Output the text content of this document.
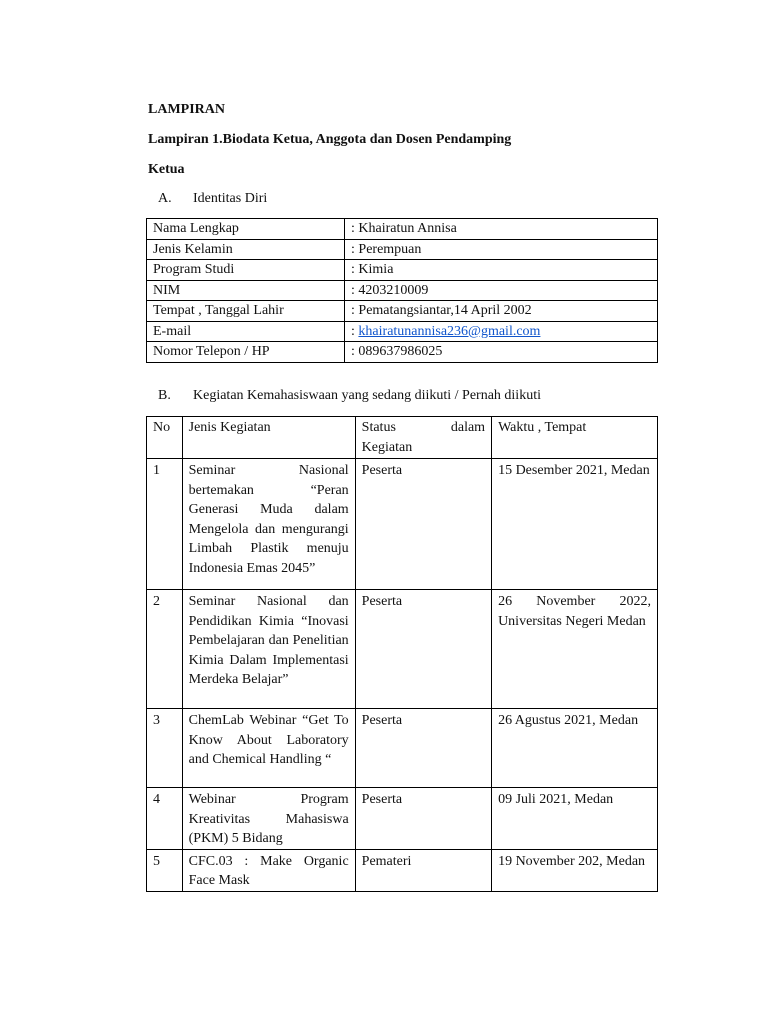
LAMPIRAN
Lampiran 1.Biodata Ketua, Anggota dan Dosen Pendamping
Ketua
A. Identitas Diri
Nama Lengkap	: Khairatun Annisa
Jenis Kelamin	: Perempuan
Program Studi	: Kimia
NIM	: 4203210009
Tempat , Tanggal Lahir	: Pematangsiantar,14 April 2002
E-mail	: khairatunannisa236@gmail.com
Nomor Telepon / HP	: 089637986025
B. Kegiatan Kemahasiswaan yang sedang diikuti / Pernah diikuti
No	Jenis Kegiatan	Status dalam Kegiatan	Waktu , Tempat
1	Seminar Nasional bertemakan “Peran Generasi Muda dalam Mengelola dan mengurangi Limbah Plastik menuju Indonesia Emas 2045”	Peserta	15 Desember 2021, Medan
2	Seminar Nasional dan Pendidikan Kimia “Inovasi Pembelajaran dan Penelitian Kimia Dalam Implementasi Merdeka Belajar”	Peserta	26 November 2022, Universitas Negeri Medan
3	ChemLab Webinar “Get To Know About Laboratory and Chemical Handling “	Peserta	26 Agustus 2021, Medan
4	Webinar Program Kreativitas Mahasiswa (PKM) 5 Bidang	Peserta	09 Juli 2021, Medan
5	CFC.03 : Make Organic Face Mask	Pemateri	19 November 202, Medan
